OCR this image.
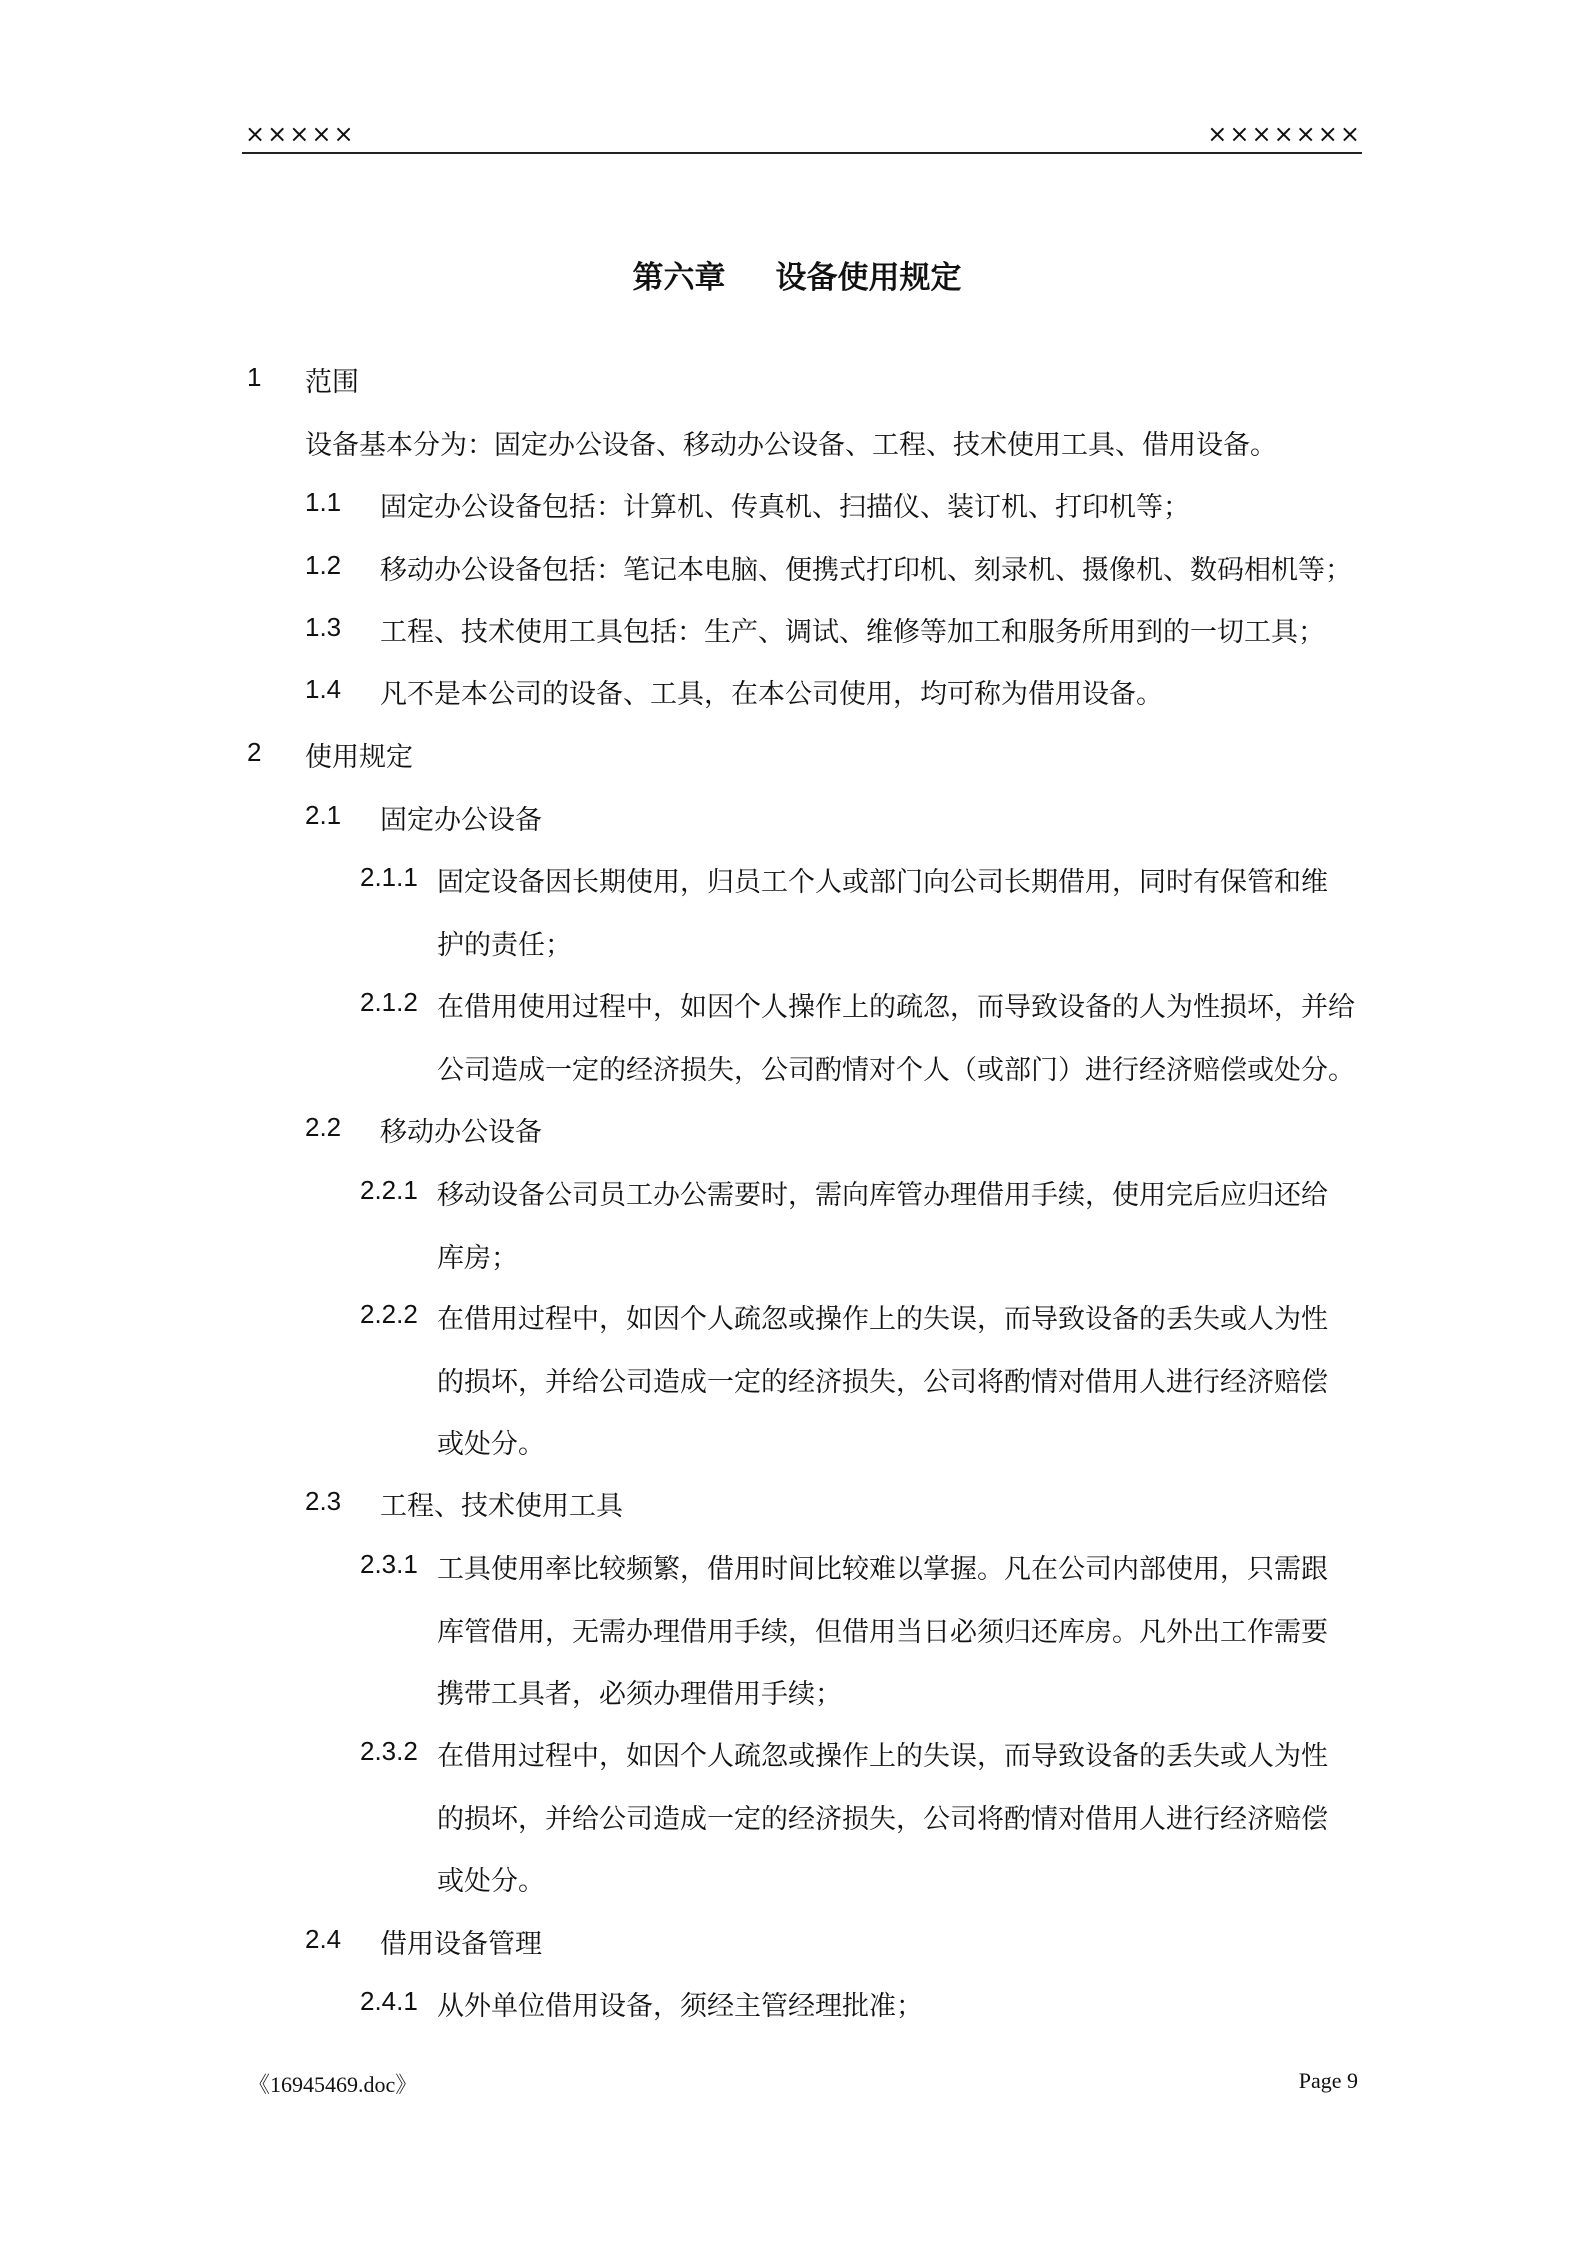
×××××	×××××××
第六章 设备使用规定
1 范围
设备基本分为：固定办公设备、移动办公设备、工程、技术使用工具、借用设备。
1.1 固定办公设备包括：计算机、传真机、扫描仪、装订机、打印机等；
1.2 移动办公设备包括：笔记本电脑、便携式打印机、刻录机、摄像机、数码相机等；
1.3 工程、技术使用工具包括：生产、调试、维修等加工和服务所用到的一切工具；
1.4 凡不是本公司的设备、工具，在本公司使用，均可称为借用设备。
2 使用规定
2.1 固定办公设备
2.1.1 固定设备因长期使用，归员工个人或部门向公司长期借用，同时有保管和维
护的责任；
2.1.2 在借用使用过程中，如因个人操作上的疏忽，而导致设备的人为性损坏，并给
公司造成一定的经济损失，公司酌情对个人（或部门）进行经济赔偿或处分。
2.2 移动办公设备
2.2.1 移动设备公司员工办公需要时，需向库管办理借用手续，使用完后应归还给
库房；
2.2.2 在借用过程中，如因个人疏忽或操作上的失误，而导致设备的丢失或人为性
的损坏，并给公司造成一定的经济损失，公司将酌情对借用人进行经济赔偿
或处分。
2.3 工程、技术使用工具
2.3.1 工具使用率比较频繁，借用时间比较难以掌握。凡在公司内部使用，只需跟
库管借用，无需办理借用手续，但借用当日必须归还库房。凡外出工作需要
携带工具者，必须办理借用手续；
2.3.2 在借用过程中，如因个人疏忽或操作上的失误，而导致设备的丢失或人为性
的损坏，并给公司造成一定的经济损失，公司将酌情对借用人进行经济赔偿
或处分。
2.4 借用设备管理
2.4.1 从外单位借用设备，须经主管经理批准；
《16945469.doc》	Page 9
